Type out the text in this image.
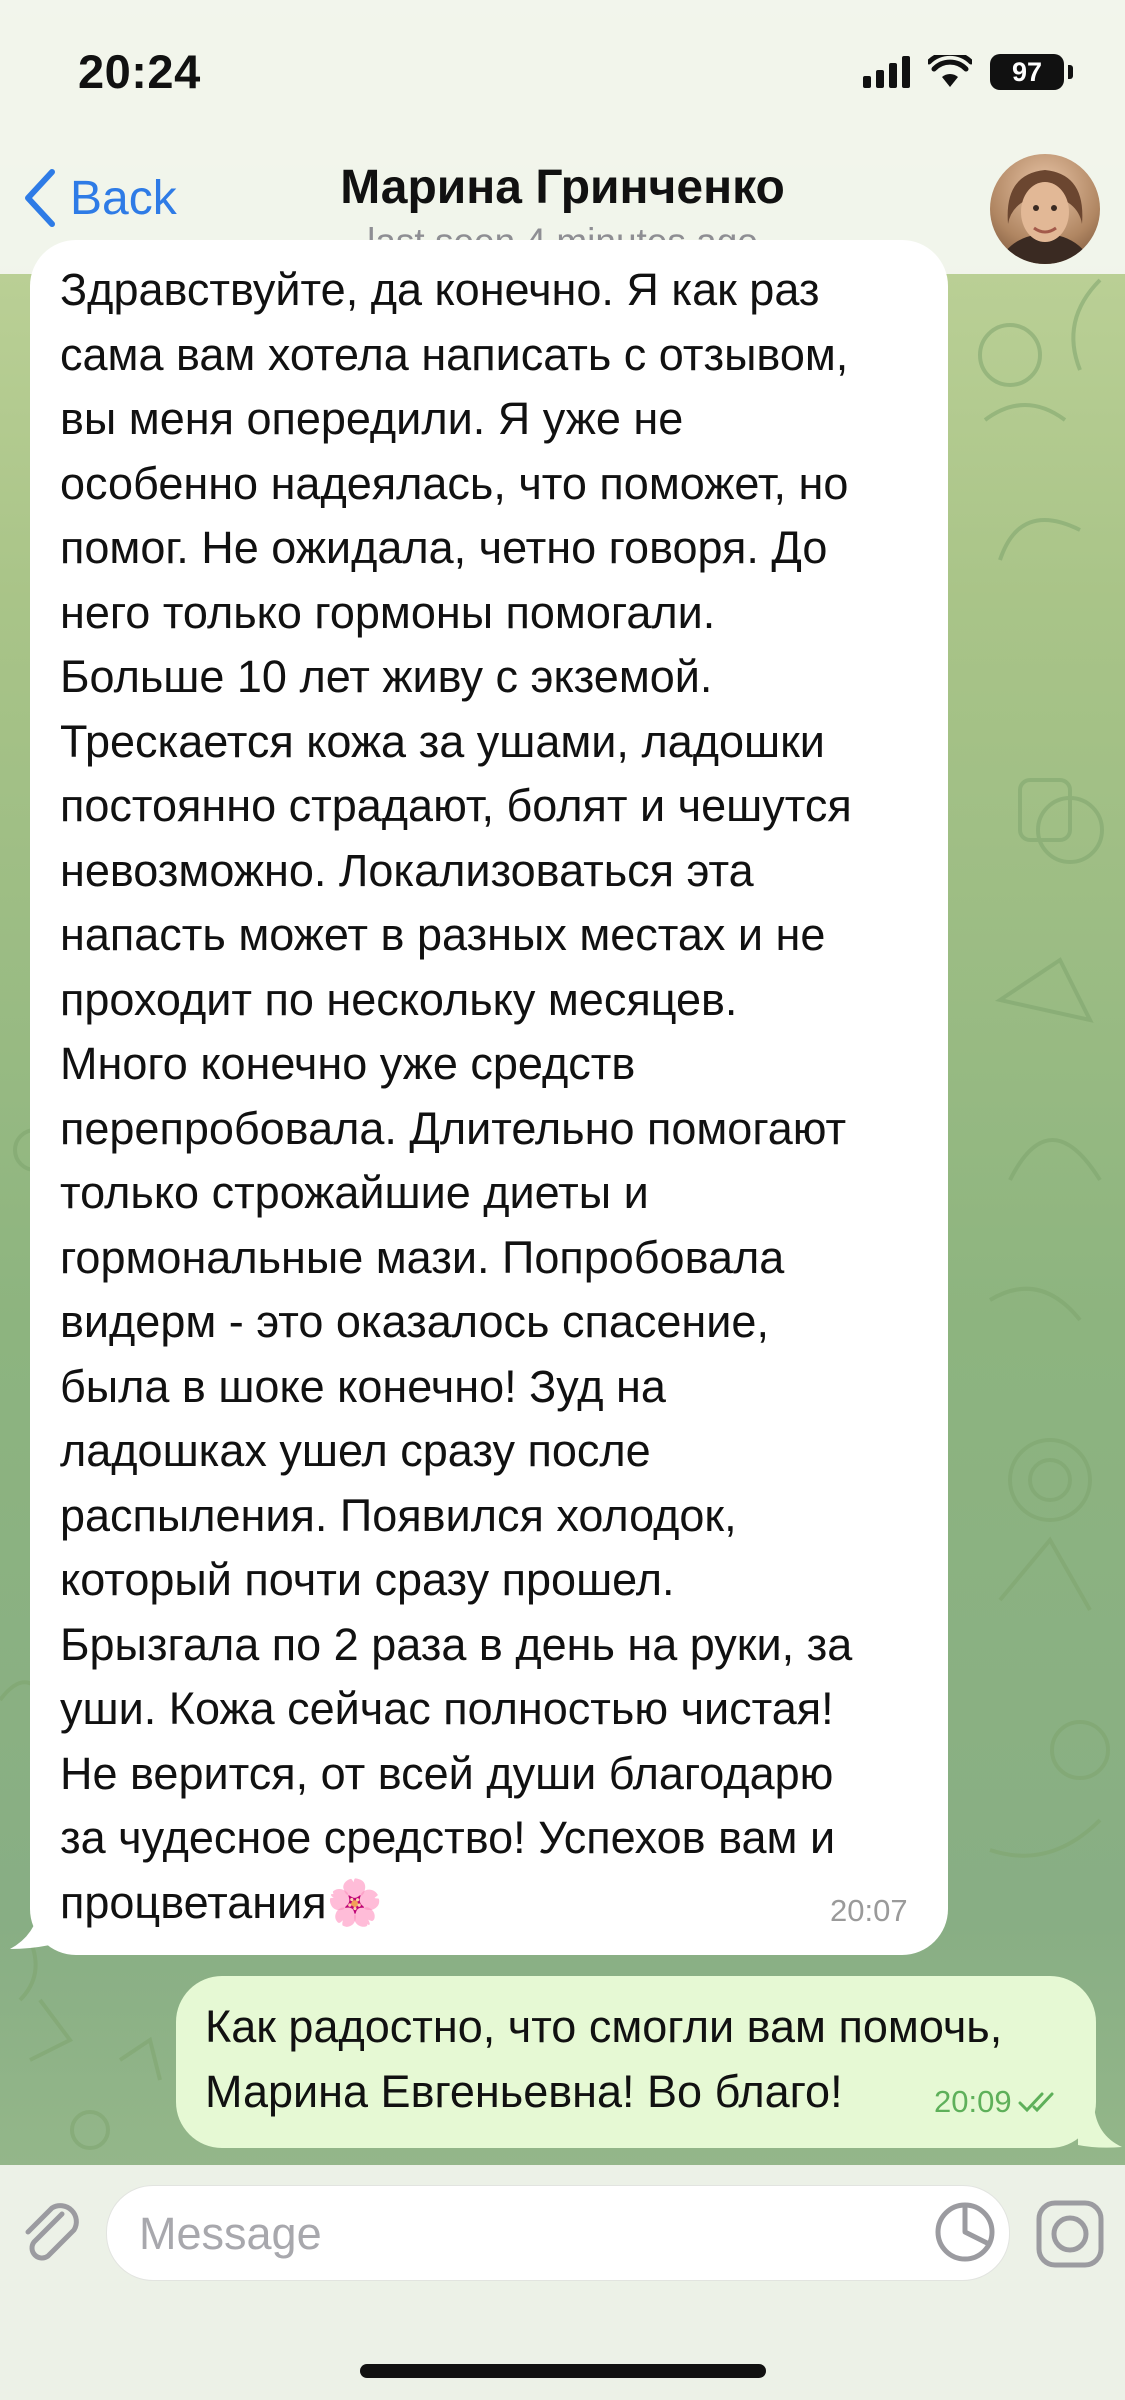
20:24	97
Back	Марина Гринченко
Здравствуйте, да конечно. Я как раз
сама вам хотела написать с отзывом,
вы меня опередили. Я уже не
особенно надеялась, что поможет, но
помог. Не ожидала, четно говоря. До
него только гормоны помогали.
Больше 10 лет живу с экземой.
Трескается кожа за ушами, ладошки
постоянно страдают, болят и чешутся
невозможно. Локализоваться эта
напасть может в разных местах и не
проходит по нескольку месяцев.
Много конечно уже средств
перепробовала. Длительно помогают
только строжайшие диеты и
гормональные мази. Попробовала
видерм - это оказалось спасение,
была в шоке конечно! Зуд на
ладошках ушел сразу после
распыления. Появился холодок,
который почти сразу прошел.
Брызгала по 2 раза в день на руки, за
уши. Кожа сейчас полностью чистая!
Не верится, от всей души благодарю
за чудесное средство! Успехов вам и
процветания🌸	20:07
Как радостно, что смогли вам помочь,
Марина Евгеньевна! Во благо!	20:09
Message
